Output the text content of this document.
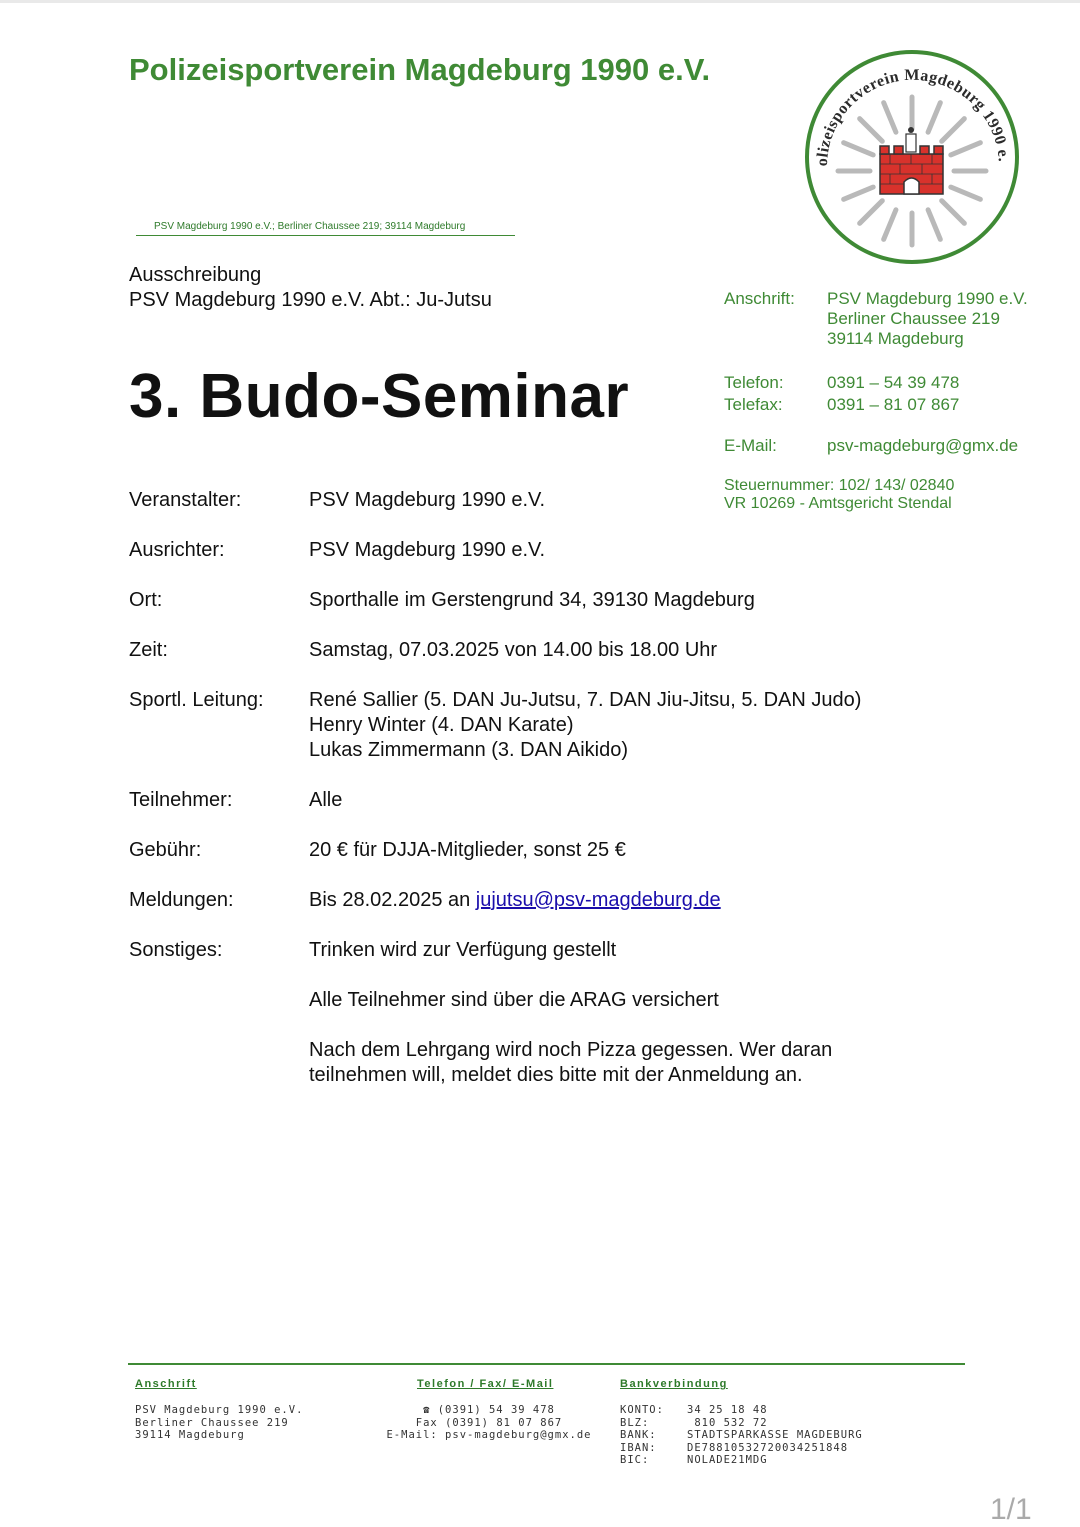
Polizeisportverein Magdeburg 1990 e.V.
PSV Magdeburg 1990 e.V.; Berliner Chaussee 219; 39114 Magdeburg
olizeisportverein Magdeburg 1990 e.
Ausschreibung
PSV Magdeburg 1990 e.V. Abt.: Ju-Jutsu
3. Budo-Seminar
Anschrift: PSV Magdeburg 1990 e.V.
Berliner Chaussee 219
39114 Magdeburg
Telefon:	0391 – 54 39 478
Telefax:	0391 – 81 07 867
E-Mail:	psv-magdeburg@gmx.de
Steuernummer: 102/ 143/ 02840
VR 10269 - Amtsgericht Stendal
Veranstalter:	PSV Magdeburg 1990 e.V.
Ausrichter:	PSV Magdeburg 1990 e.V.
Ort:	Sporthalle im Gerstengrund 34, 39130 Magdeburg
Zeit:	Samstag, 07.03.2025 von 14.00 bis 18.00 Uhr
Sportl. Leitung: René Sallier (5. DAN Ju-Jutsu, 7. DAN Jiu-Jitsu, 5. DAN Judo)
Henry Winter (4. DAN Karate)
Lukas Zimmermann (3. DAN Aikido)
Teilnehmer:	Alle
Gebühr:	20 € für DJJA-Mitglieder, sonst 25 €
Meldungen:	Bis 28.02.2025 an jujutsu@psv-magdeburg.de
Sonstiges:	Trinken wird zur Verfügung gestellt
Alle Teilnehmer sind über die ARAG versichert
Nach dem Lehrgang wird noch Pizza gegessen. Wer daran
teilnehmen will, meldet dies bitte mit der Anmeldung an.
Anschrift
PSV Magdeburg 1990 e.V.
Berliner Chaussee 219
39114 Magdeburg
Telefon / Fax/ E-Mail
☎ (0391) 54 39 478
Fax (0391) 81 07 867
E-Mail: psv-magdeburg@gmx.de
Bankverbindung
KONTO: 34 25 18 48
BLZ:	810 532 72
BANK:	STADTSPARKASSE MAGDEBURG
IBAN:	DE78810532720034251848
BIC:	NOLADE21MDG
1/1
